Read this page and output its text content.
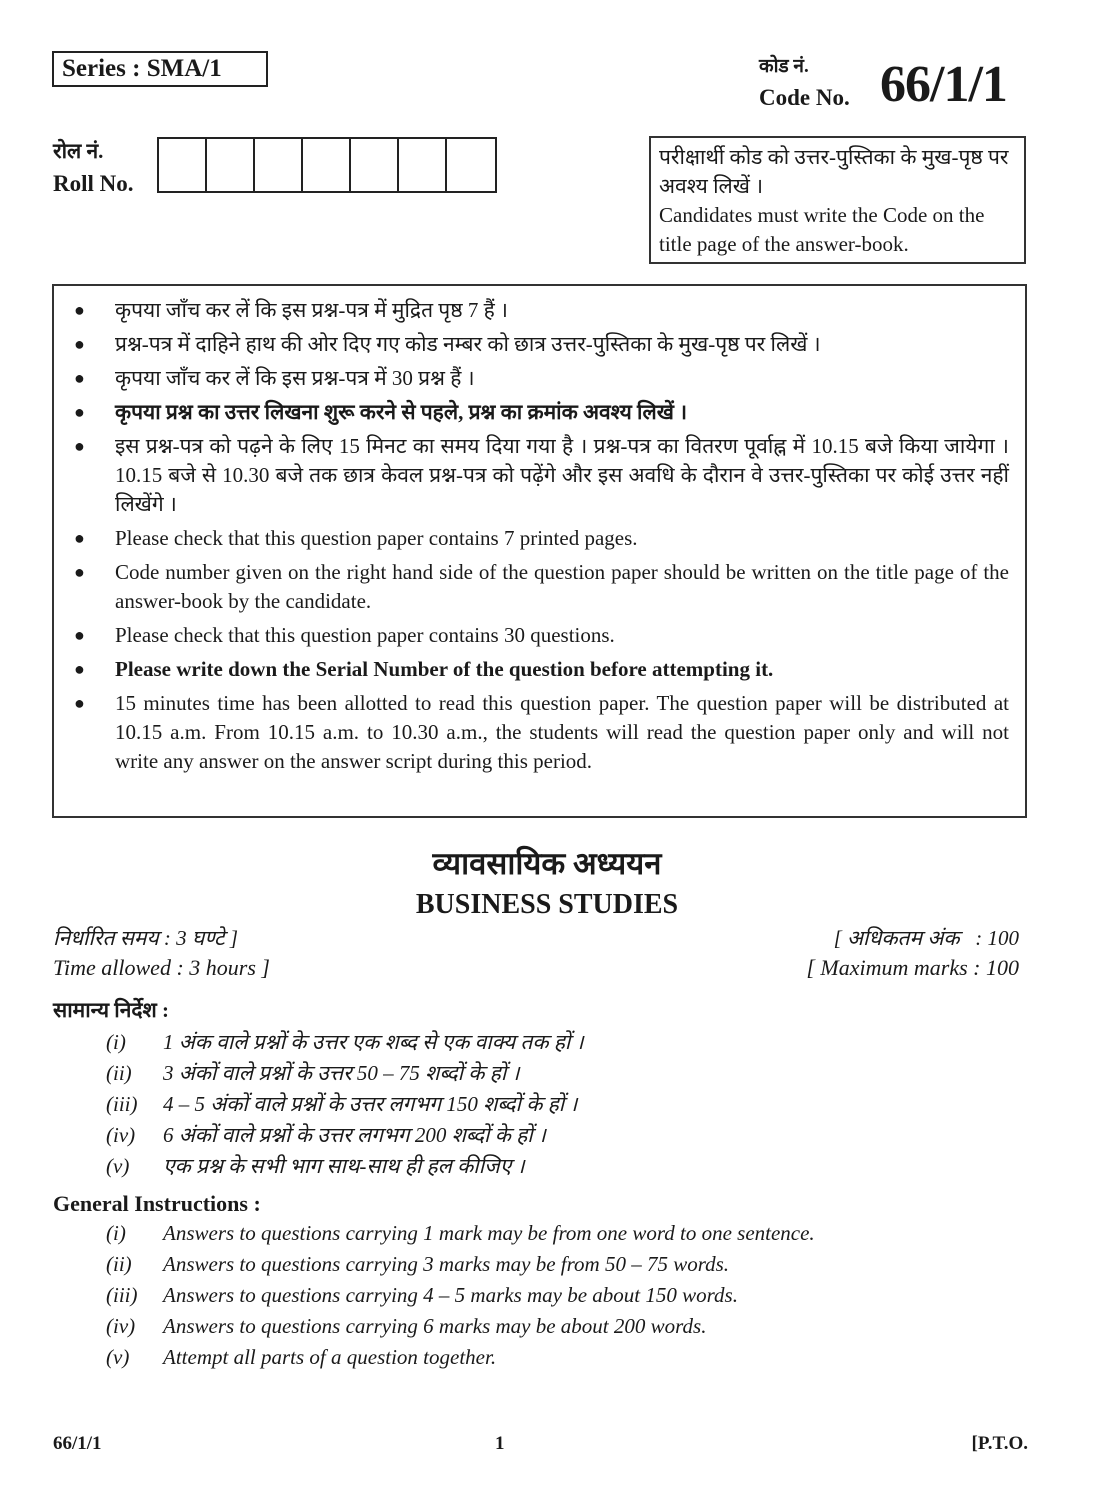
Series : SMA/1	कोड नं.
Code No. 66/1/1
रोल नं.
Roll No.
परीक्षार्थी कोड को उत्तर-पुस्तिका के मुख-पृष्ठ पर अवश्य लिखें ।
Candidates must write the Code on the title page of the answer-book.
●	कृपया जाँच कर लें कि इस प्रश्न-पत्र में मुद्रित पृष्ठ 7 हैं ।
●	प्रश्न-पत्र में दाहिने हाथ की ओर दिए गए कोड नम्बर को छात्र उत्तर-पुस्तिका के मुख-पृष्ठ पर लिखें ।
●	कृपया जाँच कर लें कि इस प्रश्न-पत्र में 30 प्रश्न हैं ।
●	कृपया प्रश्न का उत्तर लिखना शुरू करने से पहले, प्रश्न का क्रमांक अवश्य लिखें ।
●	इस प्रश्न-पत्र को पढ़ने के लिए 15 मिनट का समय दिया गया है । प्रश्न-पत्र का वितरण पूर्वाह्न में 10.15 बजे किया जायेगा । 10.15 बजे से 10.30 बजे तक छात्र केवल प्रश्न-पत्र को पढ़ेंगे और इस अवधि के दौरान वे उत्तर-पुस्तिका पर कोई उत्तर नहीं लिखेंगे ।
●	Please check that this question paper contains 7 printed pages.
●	Code number given on the right hand side of the question paper should be written on the title page of the answer-book by the candidate.
●	Please check that this question paper contains 30 questions.
●	Please write down the Serial Number of the question before attempting it.
●	15 minutes time has been allotted to read this question paper. The question paper will be distributed at 10.15 a.m. From 10.15 a.m. to 10.30 a.m., the students will read the question paper only and will not write any answer on the answer script during this period.
व्यावसायिक अध्ययन
BUSINESS STUDIES
निर्धारित समय : 3 घण्टे ]
Time allowed : 3 hours ]
[ अधिकतम अंक   : 100
[ Maximum marks : 100
सामान्य निर्देश :
(i)	1 अंक वाले प्रश्नों के उत्तर एक शब्द से एक वाक्य तक हों ।
(ii)	3 अंकों वाले प्रश्नों के उत्तर 50 – 75 शब्दों के हों ।
(iii)	4 – 5 अंकों वाले प्रश्नों के उत्तर लगभग 150 शब्दों के हों ।
(iv)	6 अंकों वाले प्रश्नों के उत्तर लगभग 200 शब्दों के हों ।
(v)	एक प्रश्न के सभी भाग साथ-साथ ही हल कीजिए ।
General Instructions :
(i)	Answers to questions carrying 1 mark may be from one word to one sentence.
(ii)	Answers to questions carrying 3 marks may be from 50 – 75 words.
(iii)	Answers to questions carrying 4 – 5 marks may be about 150 words.
(iv)	Answers to questions carrying 6 marks may be about 200 words.
(v)	Attempt all parts of a question together.
66/1/1	1	[P.T.O.
